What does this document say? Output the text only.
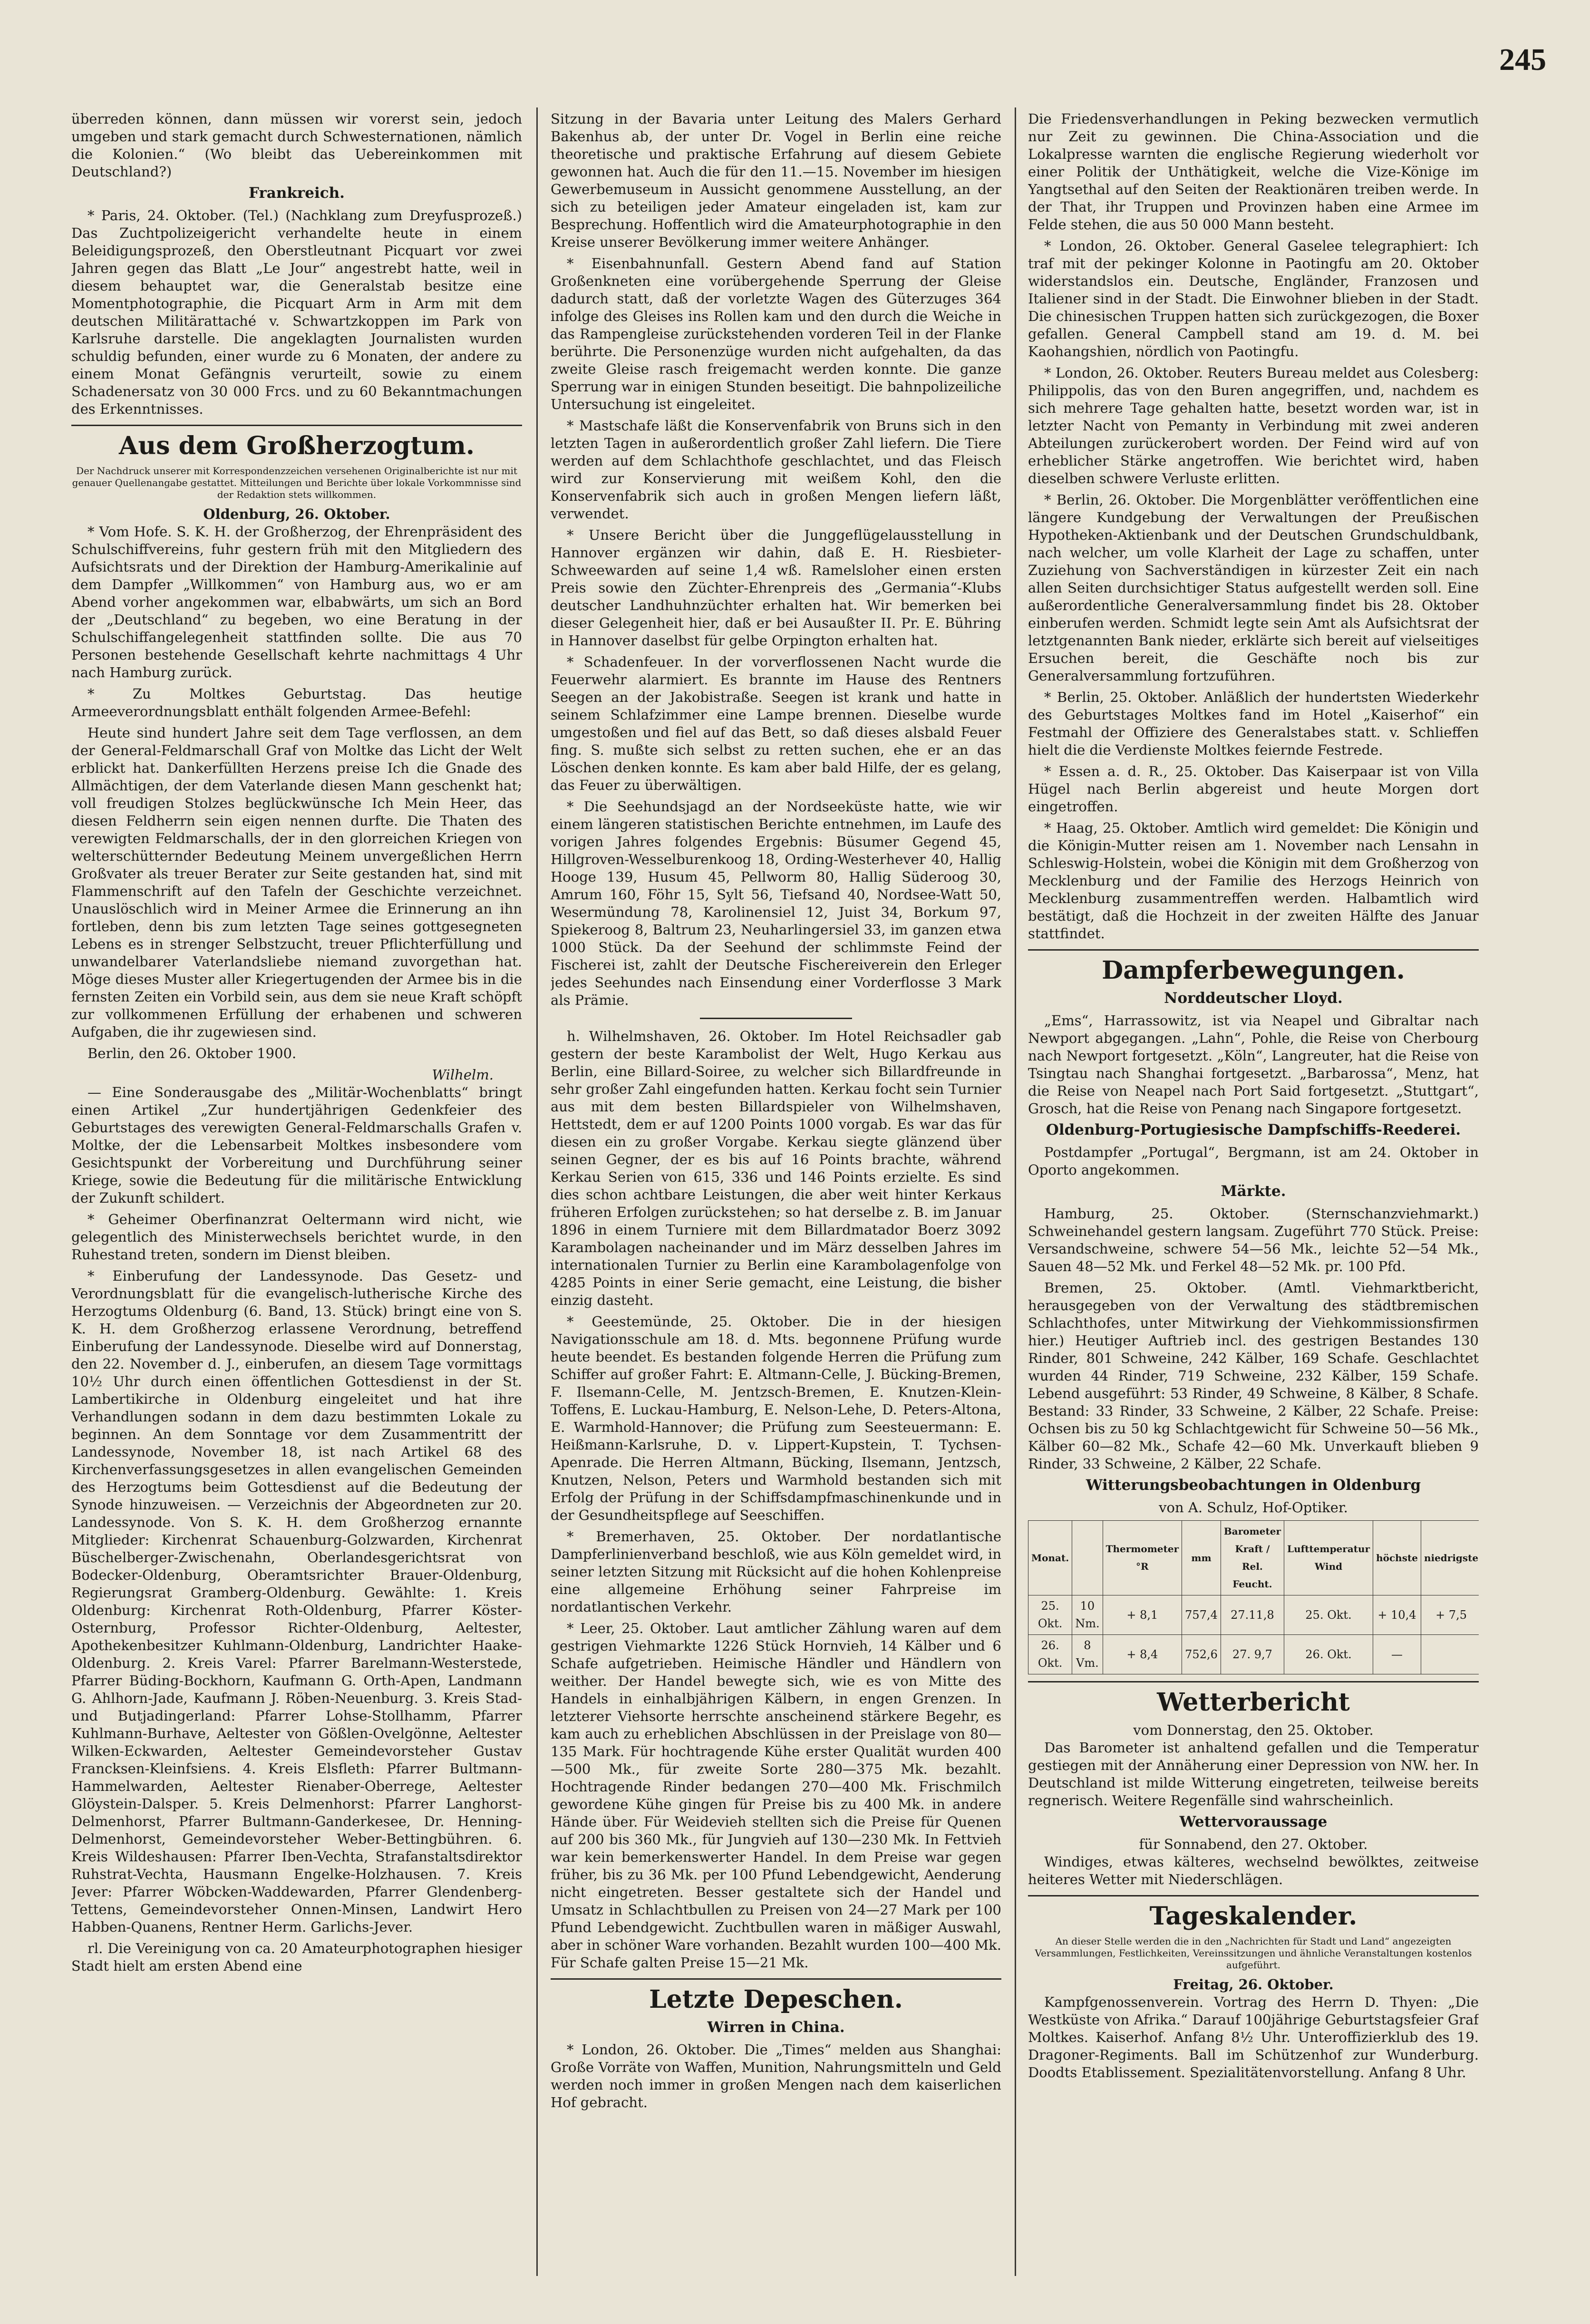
245

überreden können, dann müssen wir vorerst sein, jedoch umgeben und stark gemacht durch Schwesternationen, nämlich die Kolonien.“ (Wo bleibt das Uebereinkommen mit Deutschland?)

Frankreich.

* Paris, 24. Oktober. (Tel.) (Nachklang zum Dreyfusprozeß.) Das Zuchtpolizeigericht verhandelte heute in einem Beleidigungsprozeß, den Oberstleutnant Picquart vor zwei Jahren gegen das Blatt „Le Jour“ angestrebt hatte, weil in diesem behauptet war, die Generalstab besitze eine Momentphotographie, die Picquart Arm in Arm mit dem deutschen Militärattaché v. Schwartzkoppen im Park von Karlsruhe darstelle. Die angeklagten Journalisten wurden schuldig befunden, einer wurde zu 6 Monaten, der andere zu einem Monat Gefängnis verurteilt, sowie zu einem Schadenersatz von 30 000 Frcs. und zu 60 Bekanntmachungen des Erkenntnisses.

Aus dem Großherzogtum.
Der Nachdruck unserer mit Korrespondenzzeichen versehenen Originalberichte ist nur mit genauer Quellenangabe gestattet. Mitteilungen und Berichte über lokale Vorkommnisse sind der Redaktion stets willkommen.
Oldenburg, 26. Oktober.

* Vom Hofe. S. K. H. der Großherzog, der Ehrenpräsident des Schulschiffvereins, fuhr gestern früh mit den Mitgliedern des Aufsichtsrats und der Direktion der Hamburg-Amerikalinie auf dem Dampfer „Willkommen“ von Hamburg aus, wo er am Abend vorher angekommen war, elbabwärts, um sich an Bord der „Deutschland“ zu begeben, wo eine Beratung in der Schulschiffangelegenheit stattfinden sollte. Die aus 70 Personen bestehende Gesellschaft kehrte nachmittags 4 Uhr nach Hamburg zurück.

* Zu Moltkes Geburtstag. Das heutige Armeeverordnungsblatt enthält folgenden Armee-Befehl:

Heute sind hundert Jahre seit dem Tage verflossen, an dem der General-Feldmarschall Graf von Moltke das Licht der Welt erblickt hat. Dankerfüllten Herzens preise Ich die Gnade des Allmächtigen, der dem Vaterlande diesen Mann geschenkt hat; voll freudigen Stolzes beglückwünsche Ich Mein Heer, das diesen Feldherrn sein eigen nennen durfte. Die Thaten des verewigten Feldmarschalls, der in den glorreichen Kriegen von welterschütternder Bedeutung Meinem unvergeßlichen Herrn Großvater als treuer Berater zur Seite gestanden hat, sind mit Flammenschrift auf den Tafeln der Geschichte verzeichnet. Unauslöschlich wird in Meiner Armee die Erinnerung an ihn fortleben, denn bis zum letzten Tage seines gottgesegneten Lebens es in strenger Selbstzucht, treuer Pflichterfüllung und unwandelbarer Vaterlandsliebe niemand zuvorgethan hat. Möge dieses Muster aller Kriegertugenden der Armee bis in die fernsten Zeiten ein Vorbild sein, aus dem sie neue Kraft schöpft zur vollkommenen Erfüllung der erhabenen und schweren Aufgaben, die ihr zugewiesen sind.

Berlin, den 26. Oktober 1900.

Wilhelm.

— Eine Sonderausgabe des „Militär-Wochenblatts“ bringt einen Artikel „Zur hundertjährigen Gedenkfeier des Geburtstages des verewigten General-Feldmarschalls Grafen v. Moltke, der die Lebensarbeit Moltkes insbesondere vom Gesichtspunkt der Vorbereitung und Durchführung seiner Kriege, sowie die Bedeutung für die militärische Entwicklung der Zukunft schildert.

* Geheimer Oberfinanzrat Oeltermann wird nicht, wie gelegentlich des Ministerwechsels berichtet wurde, in den Ruhestand treten, sondern im Dienst bleiben.

* Einberufung der Landessynode. Das Gesetz- und Verordnungsblatt für die evangelisch-lutherische Kirche des Herzogtums Oldenburg (6. Band, 13. Stück) bringt eine von S. K. H. dem Großherzog erlassene Verordnung, betreffend Einberufung der Landessynode. Dieselbe wird auf Donnerstag, den 22. November d. J., einberufen, an diesem Tage vormittags 10½ Uhr durch einen öffentlichen Gottesdienst in der St. Lambertikirche in Oldenburg eingeleitet und hat ihre Verhandlungen sodann in dem dazu bestimmten Lokale zu beginnen. An dem Sonntage vor dem Zusammentritt der Landessynode, November 18, ist nach Artikel 68 des Kirchenverfassungsgesetzes in allen evangelischen Gemeinden des Herzogtums beim Gottesdienst auf die Bedeutung der Synode hinzuweisen. — Verzeichnis der Abgeordneten zur 20. Landessynode. Von S. K. H. dem Großherzog ernannte Mitglieder: Kirchenrat Schauenburg-Golzwarden, Kirchenrat Büschelberger-Zwischenahn, Oberlandesgerichtsrat von Bodecker-Oldenburg, Oberamtsrichter Brauer-Oldenburg, Regierungsrat Gramberg-Oldenburg. Gewählte: 1. Kreis Oldenburg: Kirchenrat Roth-Oldenburg, Pfarrer Köster-Osternburg, Professor Richter-Oldenburg, Aeltester, Apothekenbesitzer Kuhlmann-Oldenburg, Landrichter Haake-Oldenburg. 2. Kreis Varel: Pfarrer Barelmann-Westerstede, Pfarrer Büding-Bockhorn, Kaufmann G. Orth-Apen, Landmann G. Ahlhorn-Jade, Kaufmann J. Röben-Neuenburg. 3. Kreis Stad- und Butjadingerland: Pfarrer Lohse-Stollhamm, Pfarrer Kuhlmann-Burhave, Aeltester von Gößlen-Ovelgönne, Aeltester Wilken-Eckwarden, Aeltester Gemeindevorsteher Gustav Francksen-Kleinfsiens. 4. Kreis Elsfleth: Pfarrer Bultmann-Hammelwarden, Aeltester Rienaber-Oberrege, Aeltester Glöystein-Dalsper. 5. Kreis Delmenhorst: Pfarrer Langhorst-Delmenhorst, Pfarrer Bultmann-Ganderkesee, Dr. Henning-Delmenhorst, Gemeindevorsteher Weber-Bettingbühren. 6. Kreis Wildeshausen: Pfarrer Iben-Vechta, Strafanstaltsdirektor Ruhstrat-Vechta, Hausmann Engelke-Holzhausen. 7. Kreis Jever: Pfarrer Wöbcken-Waddewarden, Pfarrer Glendenberg-Tettens, Gemeindevorsteher Onnen-Minsen, Landwirt Hero Habben-Quanens, Rentner Herm. Garlichs-Jever.

rl. Die Vereinigung von ca. 20 Amateurphotographen hiesiger Stadt hielt am ersten Abend eine

Sitzung in der Bavaria unter Leitung des Malers Gerhard Bakenhus ab, der unter Dr. Vogel in Berlin eine reiche theoretische und praktische Erfahrung auf diesem Gebiete gewonnen hat. Auch die für den 11.—15. November im hiesigen Gewerbemuseum in Aussicht genommene Ausstellung, an der sich zu beteiligen jeder Amateur eingeladen ist, kam zur Besprechung. Hoffentlich wird die Amateurphotographie in den Kreise unserer Bevölkerung immer weitere Anhänger.

* Eisenbahnunfall. Gestern Abend fand auf Station Großenkneten eine vorübergehende Sperrung der Gleise dadurch statt, daß der vorletzte Wagen des Güterzuges 364 infolge des Gleises ins Rollen kam und den durch die Weiche in das Rampengleise zurückstehenden vorderen Teil in der Flanke berührte. Die Personenzüge wurden nicht aufgehalten, da das zweite Gleise rasch freigemacht werden konnte. Die ganze Sperrung war in einigen Stunden beseitigt. Die bahnpolizeiliche Untersuchung ist eingeleitet.

* Mastschafe läßt die Konservenfabrik von Bruns sich in den letzten Tagen in außerordentlich großer Zahl liefern. Die Tiere werden auf dem Schlachthofe geschlachtet, und das Fleisch wird zur Konservierung mit weißem Kohl, den die Konservenfabrik sich auch in großen Mengen liefern läßt, verwendet.

* Unsere Bericht über die Junggeflügelausstellung in Hannover ergänzen wir dahin, daß E. H. Riesbieter-Schweewarden auf seine 1,4 wß. Ramelsloher einen ersten Preis sowie den Züchter-Ehrenpreis des „Germania“-Klubs deutscher Landhuhnzüchter erhalten hat. Wir bemerken bei dieser Gelegenheit hier, daß er bei Ausaußter II. Pr. E. Bühring in Hannover daselbst für gelbe Orpington erhalten hat.

* Schadenfeuer. In der vorverflossenen Nacht wurde die Feuerwehr alarmiert. Es brannte im Hause des Rentners Seegen an der Jakobistraße. Seegen ist krank und hatte in seinem Schlafzimmer eine Lampe brennen. Dieselbe wurde umgestoßen und fiel auf das Bett, so daß dieses alsbald Feuer fing. S. mußte sich selbst zu retten suchen, ehe er an das Löschen denken konnte. Es kam aber bald Hilfe, der es gelang, das Feuer zu überwältigen.

* Die Seehundsjagd an der Nordseeküste hatte, wie wir einem längeren statistischen Berichte entnehmen, im Laufe des vorigen Jahres folgendes Ergebnis: Büsumer Gegend 45, Hillgroven-Wesselburenkoog 18, Ording-Westerhever 40, Hallig Hooge 139, Husum 45, Pellworm 80, Hallig Süderoog 30, Amrum 160, Föhr 15, Sylt 56, Tiefsand 40, Nordsee-Watt 50, Wesermündung 78, Karolinensiel 12, Juist 34, Borkum 97, Spiekeroog 8, Baltrum 23, Neuharlingersiel 33, im ganzen etwa 1000 Stück. Da der Seehund der schlimmste Feind der Fischerei ist, zahlt der Deutsche Fischereiverein den Erleger jedes Seehundes nach Einsendung einer Vorderflosse 3 Mark als Prämie.

h. Wilhelmshaven, 26. Oktober. Im Hotel Reichsadler gab gestern der beste Karambolist der Welt, Hugo Kerkau aus Berlin, eine Billard-Soiree, zu welcher sich Billardfreunde in sehr großer Zahl eingefunden hatten. Kerkau focht sein Turnier aus mit dem besten Billardspieler von Wilhelmshaven, Hettstedt, dem er auf 1200 Points 1000 vorgab. Es war das für diesen ein zu großer Vorgabe. Kerkau siegte glänzend über seinen Gegner, der es bis auf 16 Points brachte, während Kerkau Serien von 615, 336 und 146 Points erzielte. Es sind dies schon achtbare Leistungen, die aber weit hinter Kerkaus früheren Erfolgen zurückstehen; so hat derselbe z. B. im Januar 1896 in einem Turniere mit dem Billardmatador Boerz 3092 Karambolagen nacheinander und im März desselben Jahres im internationalen Turnier zu Berlin eine Karambolagenfolge von 4285 Points in einer Serie gemacht, eine Leistung, die bisher einzig dasteht.

* Geestemünde, 25. Oktober. Die in der hiesigen Navigationsschule am 18. d. Mts. begonnene Prüfung wurde heute beendet. Es bestanden folgende Herren die Prüfung zum Schiffer auf großer Fahrt: E. Altmann-Celle, J. Bücking-Bremen, F. Ilsemann-Celle, M. Jentzsch-Bremen, E. Knutzen-Klein-Toffens, E. Luckau-Hamburg, E. Nelson-Lehe, D. Peters-Altona, E. Warmhold-Hannover; die Prüfung zum Seesteuermann: E. Heißmann-Karlsruhe, D. v. Lippert-Kupstein, T. Tychsen-Apenrade. Die Herren Altmann, Bücking, Ilsemann, Jentzsch, Knutzen, Nelson, Peters und Warmhold bestanden sich mit Erfolg der Prüfung in der Schiffsdampfmaschinenkunde und in der Gesundheitspflege auf Seeschiffen.

* Bremerhaven, 25. Oktober. Der nordatlantische Dampferlinienverband beschloß, wie aus Köln gemeldet wird, in seiner letzten Sitzung mit Rücksicht auf die hohen Kohlenpreise eine allgemeine Erhöhung seiner Fahrpreise im nordatlantischen Verkehr.

* Leer, 25. Oktober. Laut amtlicher Zählung waren auf dem gestrigen Viehmarkte 1226 Stück Hornvieh, 14 Kälber und 6 Schafe aufgetrieben. Heimische Händler und Händlern von weither. Der Handel bewegte sich, wie es von Mitte des Handels in einhalbjährigen Kälbern, in engen Grenzen. In letzterer Viehsorte herrschte anscheinend stärkere Begehr, es kam auch zu erheblichen Abschlüssen in der Preislage von 80—135 Mark. Für hochtragende Kühe erster Qualität wurden 400—500 Mk., für zweite Sorte 280—375 Mk. bezahlt. Hochtragende Rinder bedangen 270—400 Mk. Frischmilch gewordene Kühe gingen für Preise bis zu 400 Mk. in andere Hände über. Für Weidevieh stellten sich die Preise für Quenen auf 200 bis 360 Mk., für Jungvieh auf 130—230 Mk. In Fettvieh war kein bemerkenswerter Handel. In dem Preise war gegen früher, bis zu 36 Mk. per 100 Pfund Lebendgewicht, Aenderung nicht eingetreten. Besser gestaltete sich der Handel und Umsatz in Schlachtbullen zu Preisen von 24—27 Mark per 100 Pfund Lebendgewicht. Zuchtbullen waren in mäßiger Auswahl, aber in schöner Ware vorhanden. Bezahlt wurden 100—400 Mk. Für Schafe galten Preise 15—21 Mk.

Letzte Depeschen.
Wirren in China.

* London, 26. Oktober. Die „Times“ melden aus Shanghai: Große Vorräte von Waffen, Munition, Nahrungsmitteln und Geld werden noch immer in großen Mengen nach dem kaiserlichen Hof gebracht.

Die Friedensverhandlungen in Peking bezwecken vermutlich nur Zeit zu gewinnen. Die China-Association und die Lokalpresse warnten die englische Regierung wiederholt vor einer Politik der Unthätigkeit, welche die Vize-Könige im Yangtsethal auf den Seiten der Reaktionären treiben werde. In der That, ihr Truppen und Provinzen haben eine Armee im Felde stehen, die aus 50 000 Mann besteht.

* London, 26. Oktober. General Gaselee telegraphiert: Ich traf mit der pekinger Kolonne in Paotingfu am 20. Oktober widerstandslos ein. Deutsche, Engländer, Franzosen und Italiener sind in der Stadt. Die Einwohner blieben in der Stadt. Die chinesischen Truppen hatten sich zurückgezogen, die Boxer gefallen. General Campbell stand am 19. d. M. bei Kaohangshien, nördlich von Paotingfu.

* London, 26. Oktober. Reuters Bureau meldet aus Colesberg: Philippolis, das von den Buren angegriffen, und, nachdem es sich mehrere Tage gehalten hatte, besetzt worden war, ist in letzter Nacht von Pemanty in Verbindung mit zwei anderen Abteilungen zurückerobert worden. Der Feind wird auf von erheblicher Stärke angetroffen. Wie berichtet wird, haben dieselben schwere Verluste erlitten.

* Berlin, 26. Oktober. Die Morgenblätter veröffentlichen eine längere Kundgebung der Verwaltungen der Preußischen Hypotheken-Aktienbank und der Deutschen Grundschuldbank, nach welcher, um volle Klarheit der Lage zu schaffen, unter Zuziehung von Sachverständigen in kürzester Zeit ein nach allen Seiten durchsichtiger Status aufgestellt werden soll. Eine außerordentliche Generalversammlung findet bis 28. Oktober einberufen werden. Schmidt legte sein Amt als Aufsichtsrat der letztgenannten Bank nieder, erklärte sich bereit auf vielseitiges Ersuchen bereit, die Geschäfte noch bis zur Generalversammlung fortzuführen.

* Berlin, 25. Oktober. Anläßlich der hundertsten Wiederkehr des Geburtstages Moltkes fand im Hotel „Kaiserhof“ ein Festmahl der Offiziere des Generalstabes statt. v. Schlieffen hielt die die Verdienste Moltkes feiernde Festrede.

* Essen a. d. R., 25. Oktober. Das Kaiserpaar ist von Villa Hügel nach Berlin abgereist und heute Morgen dort eingetroffen.

* Haag, 25. Oktober. Amtlich wird gemeldet: Die Königin und die Königin-Mutter reisen am 1. November nach Lensahn in Schleswig-Holstein, wobei die Königin mit dem Großherzog von Mecklenburg und der Familie des Herzogs Heinrich von Mecklenburg zusammentreffen werden. Halbamtlich wird bestätigt, daß die Hochzeit in der zweiten Hälfte des Januar stattfindet.

Dampferbewegungen.
Norddeutscher Lloyd.

„Ems“, Harrassowitz, ist via Neapel und Gibraltar nach Newport abgegangen. „Lahn“, Pohle, die Reise von Cherbourg nach Newport fortgesetzt. „Köln“, Langreuter, hat die Reise von Tsingtau nach Shanghai fortgesetzt. „Barbarossa“, Menz, hat die Reise von Neapel nach Port Said fortgesetzt. „Stuttgart“, Grosch, hat die Reise von Penang nach Singapore fortgesetzt.

Oldenburg-Portugiesische Dampfschiffs-Reederei.

Postdampfer „Portugal“, Bergmann, ist am 24. Oktober in Oporto angekommen.

Märkte.

Hamburg, 25. Oktober. (Sternschanzviehmarkt.) Schweinehandel gestern langsam. Zugeführt 770 Stück. Preise: Versandschweine, schwere 54—56 Mk., leichte 52—54 Mk., Sauen 48—52 Mk. und Ferkel 48—52 Mk. pr. 100 Pfd.

Bremen, 25. Oktober. (Amtl. Viehmarktbericht, herausgegeben von der Verwaltung des städtbremischen Schlachthofes, unter Mitwirkung der Viehkommissionsfirmen hier.) Heutiger Auftrieb incl. des gestrigen Bestandes 130 Rinder, 801 Schweine, 242 Kälber, 169 Schafe. Geschlachtet wurden 44 Rinder, 719 Schweine, 232 Kälber, 159 Schafe. Lebend ausgeführt: 53 Rinder, 49 Schweine, 8 Kälber, 8 Schafe. Bestand: 33 Rinder, 33 Schweine, 2 Kälber, 22 Schafe. Preise: Ochsen bis zu 50 kg Schlachtgewicht für Schweine 50—56 Mk., Kälber 60—82 Mk., Schafe 42—60 Mk. Unverkauft blieben 9 Rinder, 33 Schweine, 2 Kälber, 22 Schafe.

Witterungsbeobachtungen in Oldenburg
von A. Schulz, Hof-Optiker.
Monat.		Thermometer °R	mm	Barometer Kraft / Rel. Feucht.	Lufttemperatur Wind	höchste	niedrigste
25. Okt.	10 Nm.	+ 8,1	757,4	27.11,8	25. Okt.	+ 10,4	+ 7,5
26. Okt.	8 Vm.	+ 8,4	752,6	27. 9,7	26. Okt.	—	
Wetterbericht
vom Donnerstag, den 25. Oktober.

Das Barometer ist anhaltend gefallen und die Temperatur gestiegen mit der Annäherung einer Depression von NW. her. In Deutschland ist milde Witterung eingetreten, teilweise bereits regnerisch. Weitere Regenfälle sind wahrscheinlich.

Wettervoraussage
für Sonnabend, den 27. Oktober.

Windiges, etwas kälteres, wechselnd bewölktes, zeitweise heiteres Wetter mit Niederschlägen.

Tageskalender.
An dieser Stelle werden die in den „Nachrichten für Stadt und Land“ angezeigten Versammlungen, Festlichkeiten, Vereinssitzungen und ähnliche Veranstaltungen kostenlos aufgeführt.
Freitag, 26. Oktober.

Kampfgenossenverein. Vortrag des Herrn D. Thyen: „Die Westküste von Afrika.“ Darauf 100jährige Geburtstagsfeier Graf Moltkes. Kaiserhof. Anfang 8½ Uhr. Unteroffizierklub des 19. Dragoner-Regiments. Ball im Schützenhof zur Wunderburg. Doodts Etablissement. Spezialitätenvorstellung. Anfang 8 Uhr.
